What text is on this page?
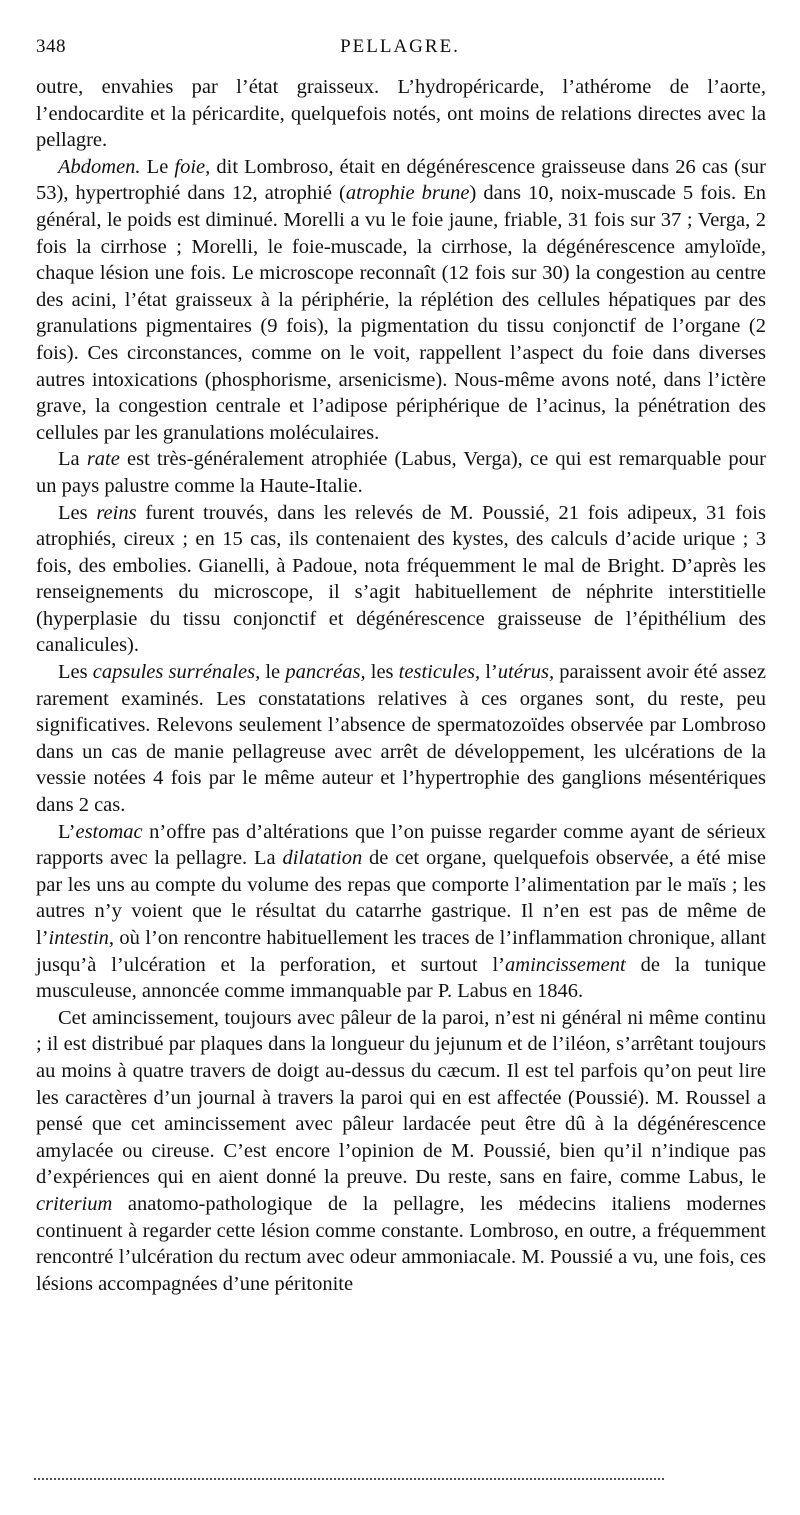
348	PELLAGRE.

outre, envahies par l’état graisseux. L’hydropéricarde, l’athérome de l’aorte, l’endocardite et la péricardite, quelquefois notés, ont moins de relations directes avec la pellagre.

Abdomen. Le foie, dit Lombroso, était en dégénérescence graisseuse dans 26 cas (sur 53), hypertrophié dans 12, atrophié (atrophie brune) dans 10, noix-muscade 5 fois. En général, le poids est diminué. Morelli a vu le foie jaune, friable, 31 fois sur 37 ; Verga, 2 fois la cirrhose ; Morelli, le foie-muscade, la cirrhose, la dégénérescence amyloïde, chaque lésion une fois. Le microscope reconnaît (12 fois sur 30) la congestion au centre des acini, l’état graisseux à la périphérie, la réplétion des cellules hépatiques par des granulations pigmentaires (9 fois), la pigmentation du tissu conjonctif de l’organe (2 fois). Ces circonstances, comme on le voit, rappellent l’aspect du foie dans diverses autres intoxications (phosphorisme, arsenicisme). Nous-même avons noté, dans l’ictère grave, la congestion centrale et l’adipose périphérique de l’acinus, la pénétration des cellules par les granulations moléculaires.

La rate est très-généralement atrophiée (Labus, Verga), ce qui est remarquable pour un pays palustre comme la Haute-Italie.

Les reins furent trouvés, dans les relevés de M. Poussié, 21 fois adipeux, 31 fois atrophiés, cireux ; en 15 cas, ils contenaient des kystes, des calculs d’acide urique ; 3 fois, des embolies. Gianelli, à Padoue, nota fréquemment le mal de Bright. D’après les renseignements du microscope, il s’agit habituellement de néphrite interstitielle (hyperplasie du tissu conjonctif et dégénérescence graisseuse de l’épithélium des canalicules).

Les capsules surrénales, le pancréas, les testicules, l’utérus, paraissent avoir été assez rarement examinés. Les constatations relatives à ces organes sont, du reste, peu significatives. Relevons seulement l’absence de spermatozoïdes observée par Lombroso dans un cas de manie pellagreuse avec arrêt de développement, les ulcérations de la vessie notées 4 fois par le même auteur et l’hypertrophie des ganglions mésentériques dans 2 cas.

L’estomac n’offre pas d’altérations que l’on puisse regarder comme ayant de sérieux rapports avec la pellagre. La dilatation de cet organe, quelquefois observée, a été mise par les uns au compte du volume des repas que comporte l’alimentation par le maïs ; les autres n’y voient que le résultat du catarrhe gastrique. Il n’en est pas de même de l’intestin, où l’on rencontre habituellement les traces de l’inflammation chronique, allant jusqu’à l’ulcération et la perforation, et surtout l’amincissement de la tunique musculeuse, annoncée comme immanquable par P. Labus en 1846.

Cet amincissement, toujours avec pâleur de la paroi, n’est ni général ni même continu ; il est distribué par plaques dans la longueur du jejunum et de l’iléon, s’arrêtant toujours au moins à quatre travers de doigt au-dessus du cæcum. Il est tel parfois qu’on peut lire les caractères d’un journal à travers la paroi qui en est affectée (Poussié). M. Roussel a pensé que cet amincissement avec pâleur lardacée peut être dû à la dégénérescence amylacée ou cireuse. C’est encore l’opinion de M. Poussié, bien qu’il n’indique pas d’expériences qui en aient donné la preuve. Du reste, sans en faire, comme Labus, le criterium anatomo-pathologique de la pellagre, les médecins italiens modernes continuent à regarder cette lésion comme constante. Lombroso, en outre, a fréquemment rencontré l’ulcération du rectum avec odeur ammoniacale. M. Poussié a vu, une fois, ces lésions accompagnées d’une péritonite
